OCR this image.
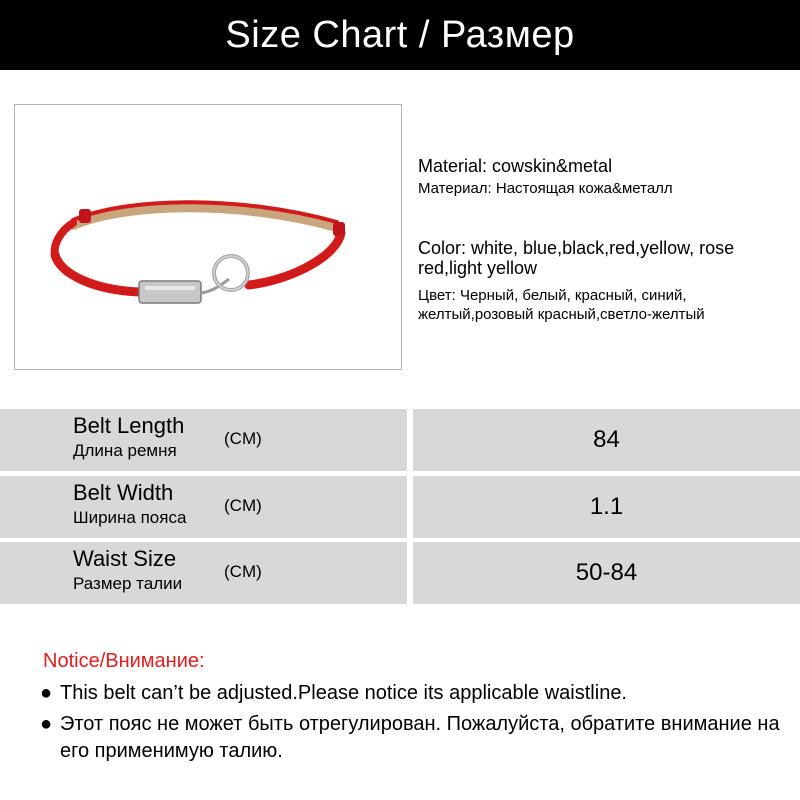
Size Chart / Размер
Material: cowskin&metal
Материал: Настоящая кожа&металл
Color: white, blue,black,red,yellow, rose red,light yellow
Цвет: Черный, белый, красный, синий, желтый,розовый красный,светло-желтый
Belt Length
Длина ремня
(CM)	84
Belt Width
Ширина пояса
(CM)	1.1
Waist Size
Размер талии
(CM)	50-84
Notice/Внимание:
● This belt can’t be adjusted.Please notice its applicable waistline.
● Этот пояс не может быть отрегулирован. Пожалуйста, обратите внимание на его применимую талию.
